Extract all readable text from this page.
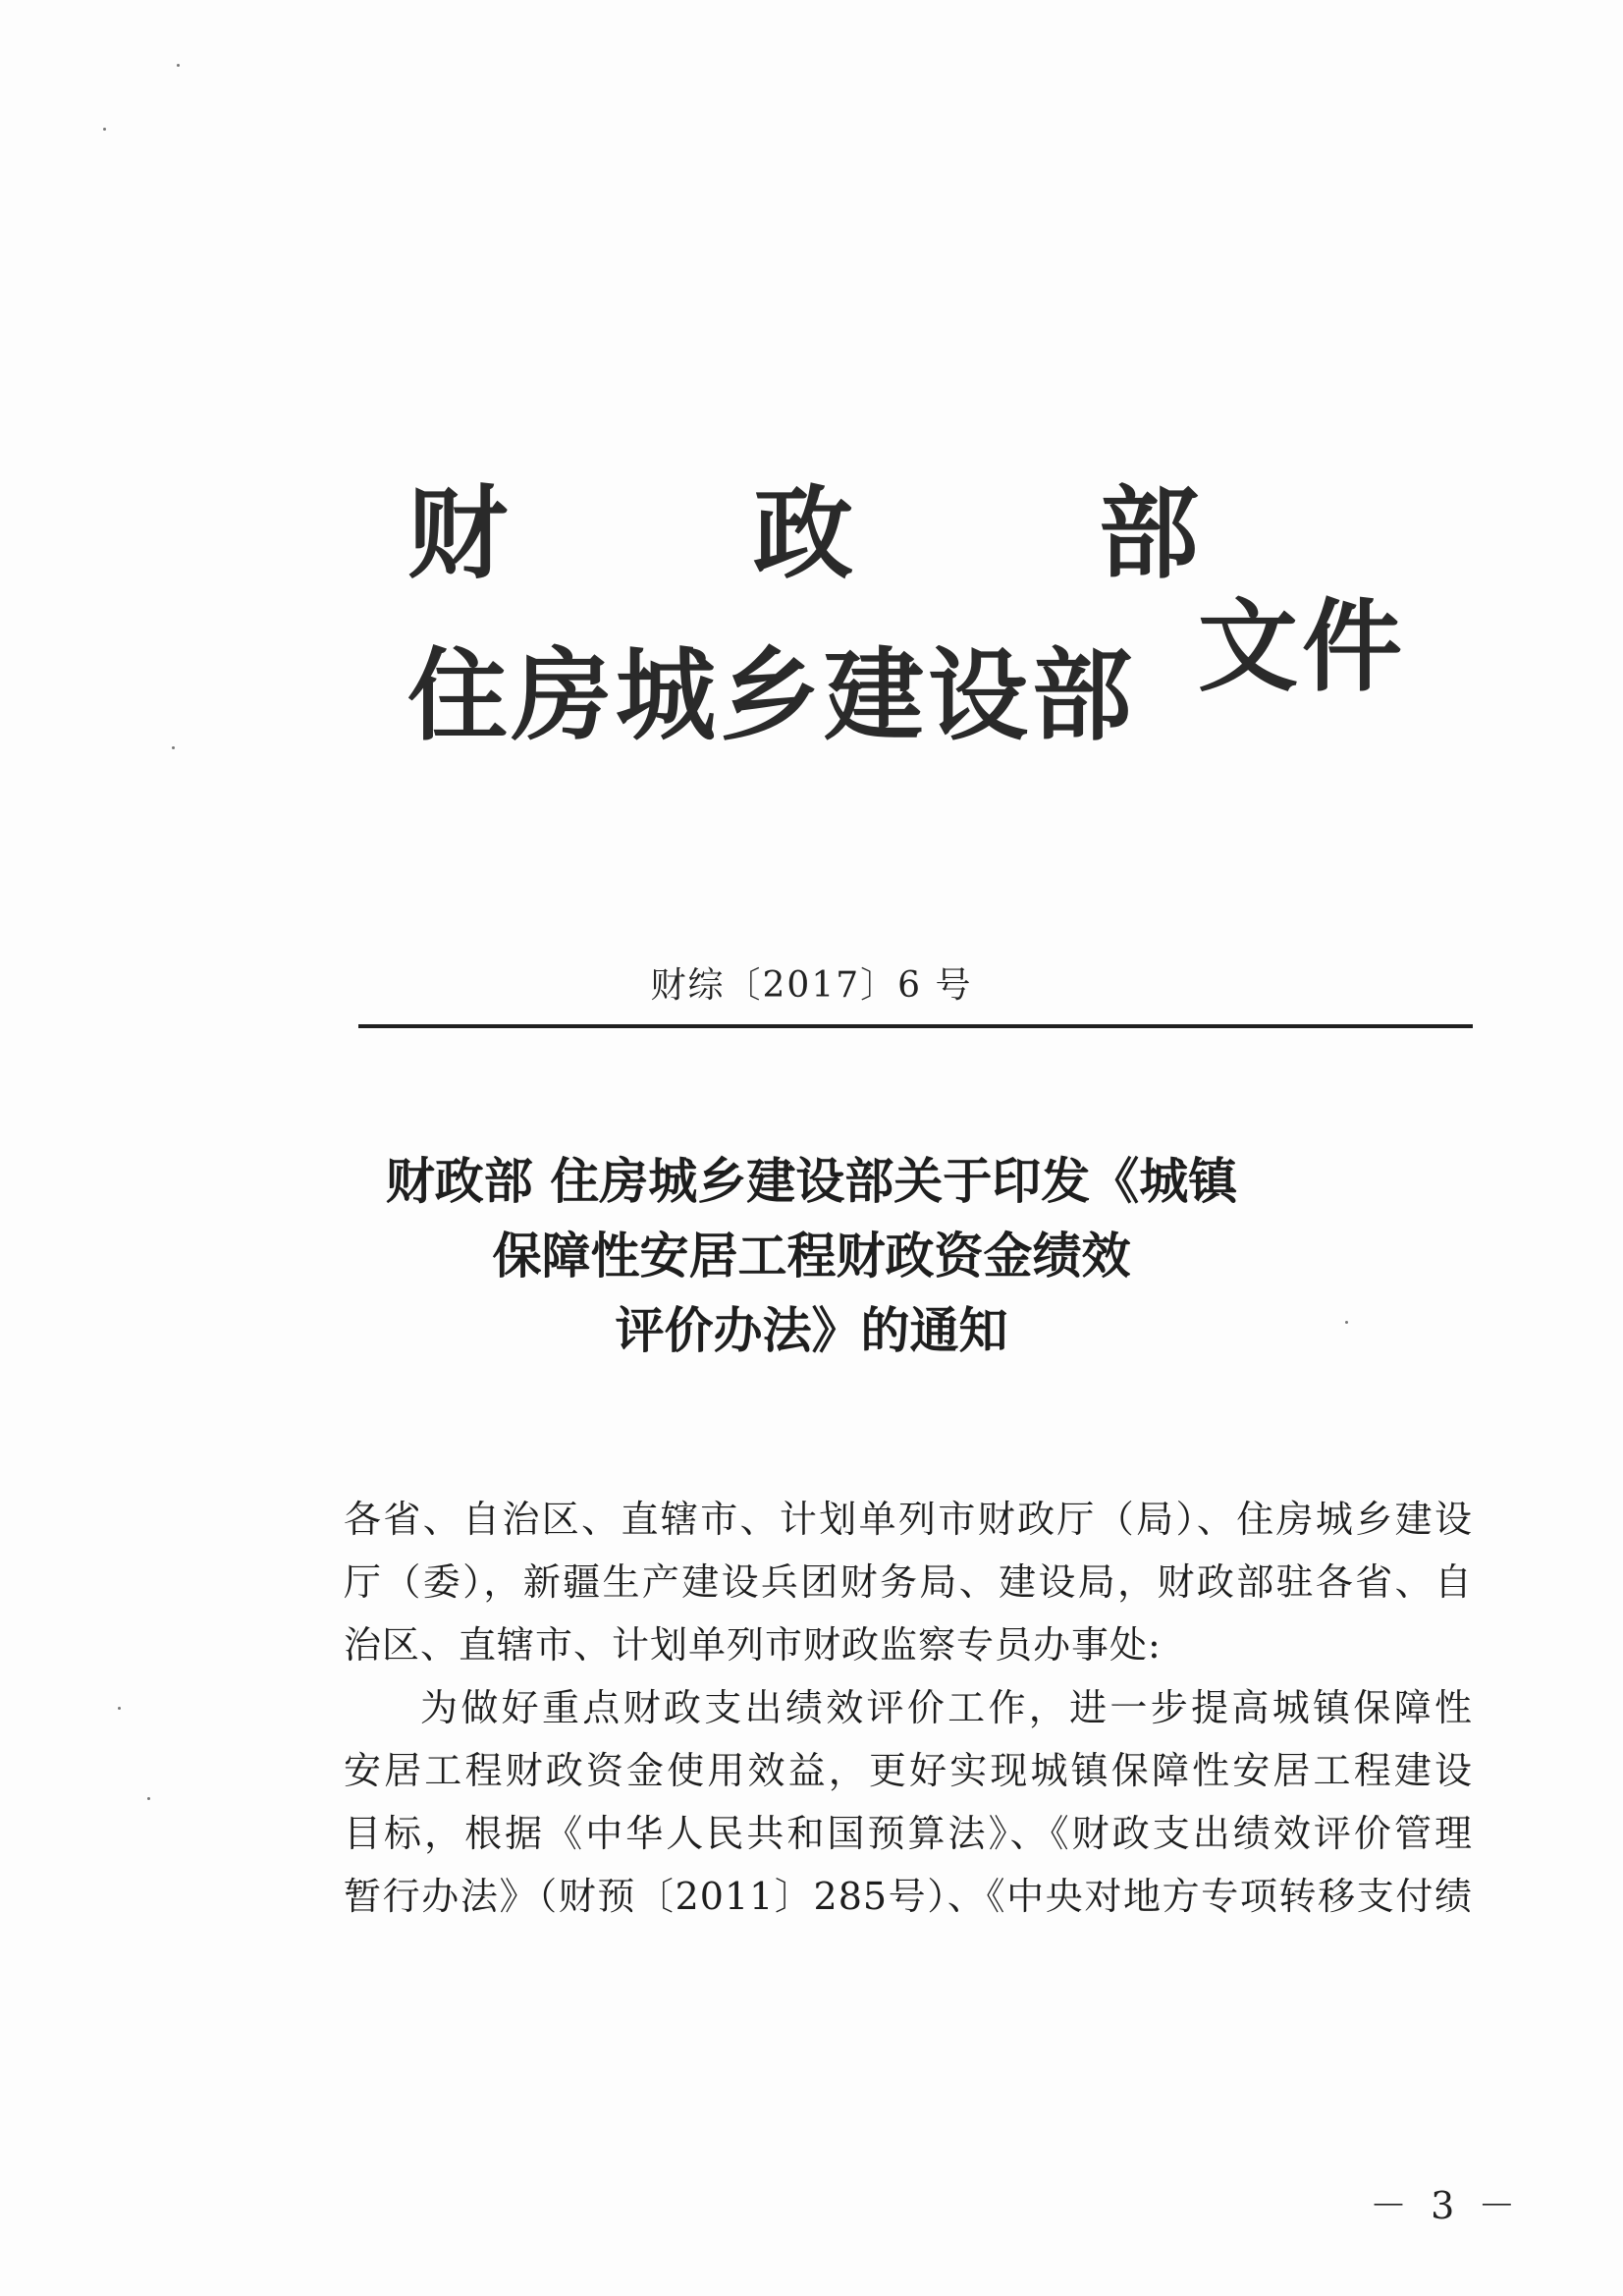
财政部
住房城乡建设部 文件
财综〔2017〕6 号
财政部 住房城乡建设部关于印发《城镇
保障性安居工程财政资金绩效
评价办法》的通知
各省、自治区、直辖市、计划单列市财政厅（局）、住房城乡建设
厅（委），新疆生产建设兵团财务局、建设局，财政部驻各省、自
治区、直辖市、计划单列市财政监察专员办事处:
为做好重点财政支出绩效评价工作，进一步提高城镇保障性
安居工程财政资金使用效益，更好实现城镇保障性安居工程建设
目标，根据《中华人民共和国预算法》、《财政支出绩效评价管理
暂行办法》（财预〔2011〕285号）、《中央对地方专项转移支付绩
－ 3 －
